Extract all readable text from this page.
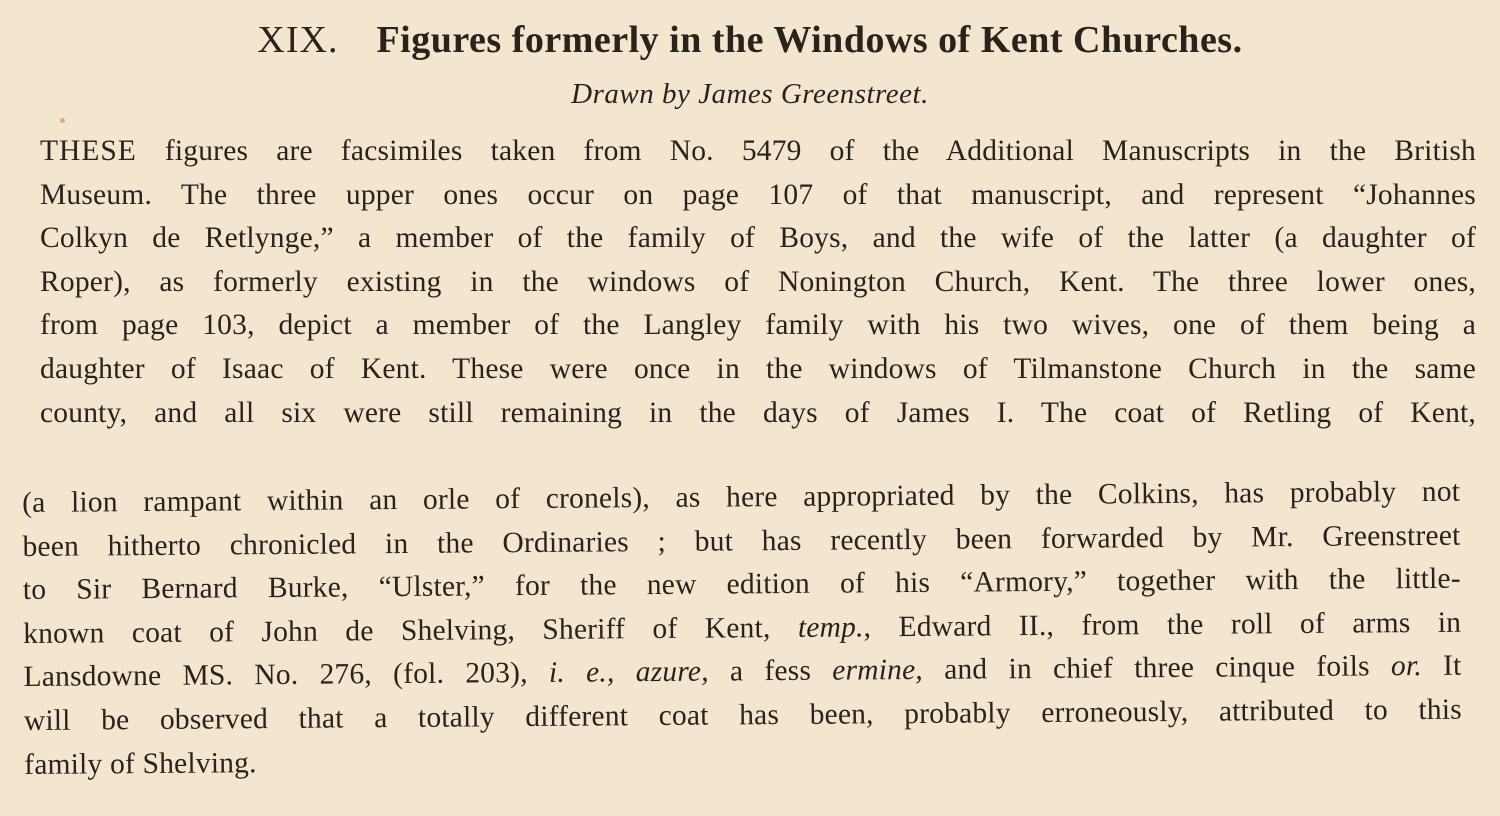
XIX. Figures formerly in the Windows of Kent Churches.
Drawn by James Greenstreet.

THESE figures are facsimiles taken from No. 5479 of the Additional Manuscripts in the British
Museum. The three upper ones occur on page 107 of that manuscript, and represent “Johannes
Colkyn de Retlynge,” a member of the family of Boys, and the wife of the latter (a daughter of
Roper), as formerly existing in the windows of Nonington Church, Kent. The three lower ones,
from page 103, depict a member of the Langley family with his two wives, one of them being a
daughter of Isaac of Kent. These were once in the windows of Tilmanstone Church in the same
county, and all six were still remaining in the days of James I. The coat of Retling of Kent,

(a lion rampant within an orle of cronels), as here appropriated by the Colkins, has probably not
been hitherto chronicled in the Ordinaries ; but has recently been forwarded by Mr. Greenstreet
to Sir Bernard Burke, “Ulster,” for the new edition of his “Armory,” together with the little-
known coat of John de Shelving, Sheriff of Kent, temp., Edward II., from the roll of arms in
Lansdowne MS. No. 276, (fol. 203), i. e., azure, a fess ermine, and in chief three cinque foils or. It
will be observed that a totally different coat has been, probably erroneously, attributed to this
family of Shelving.
